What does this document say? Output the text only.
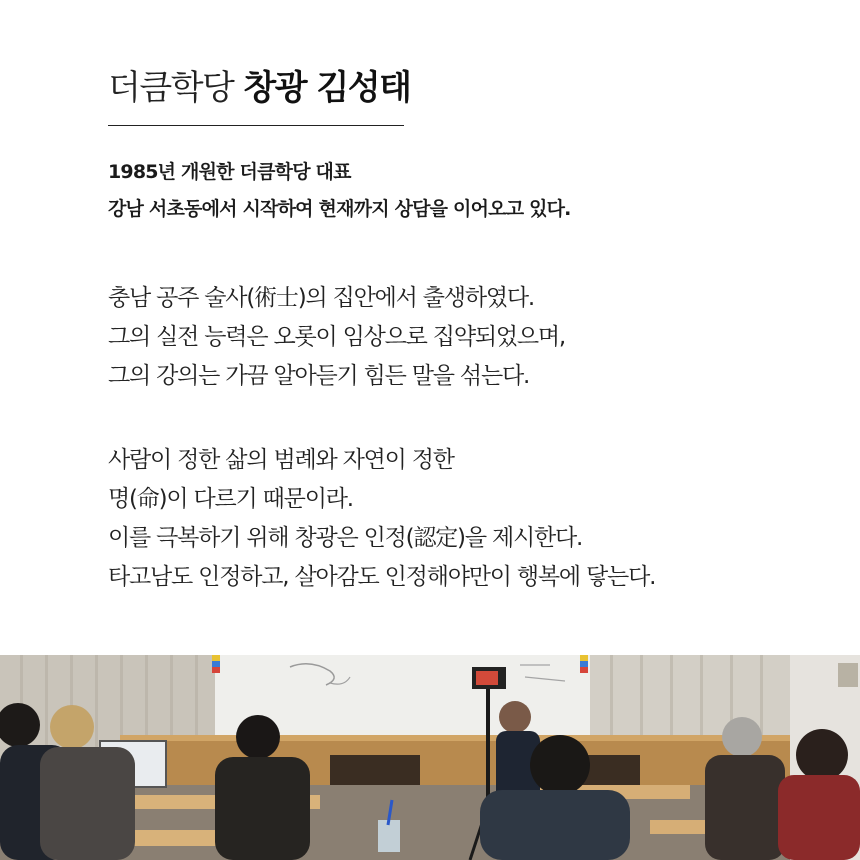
더큼학당 창광 김성태
1985년 개원한 더큼학당 대표
강남 서초동에서 시작하여 현재까지 상담을 이어오고 있다.
충남 공주 술사(術士)의 집안에서 출생하였다.
그의 실전 능력은 오롯이 임상으로 집약되었으며,
그의 강의는 가끔 알아듣기 힘든 말을 섞는다.
사람이 정한 삶의 범례와 자연이 정한
명(命)이 다르기 때문이라.
이를 극복하기 위해 창광은 인정(認定)을 제시한다.
타고남도 인정하고, 살아감도 인정해야만이 행복에 닿는다.
